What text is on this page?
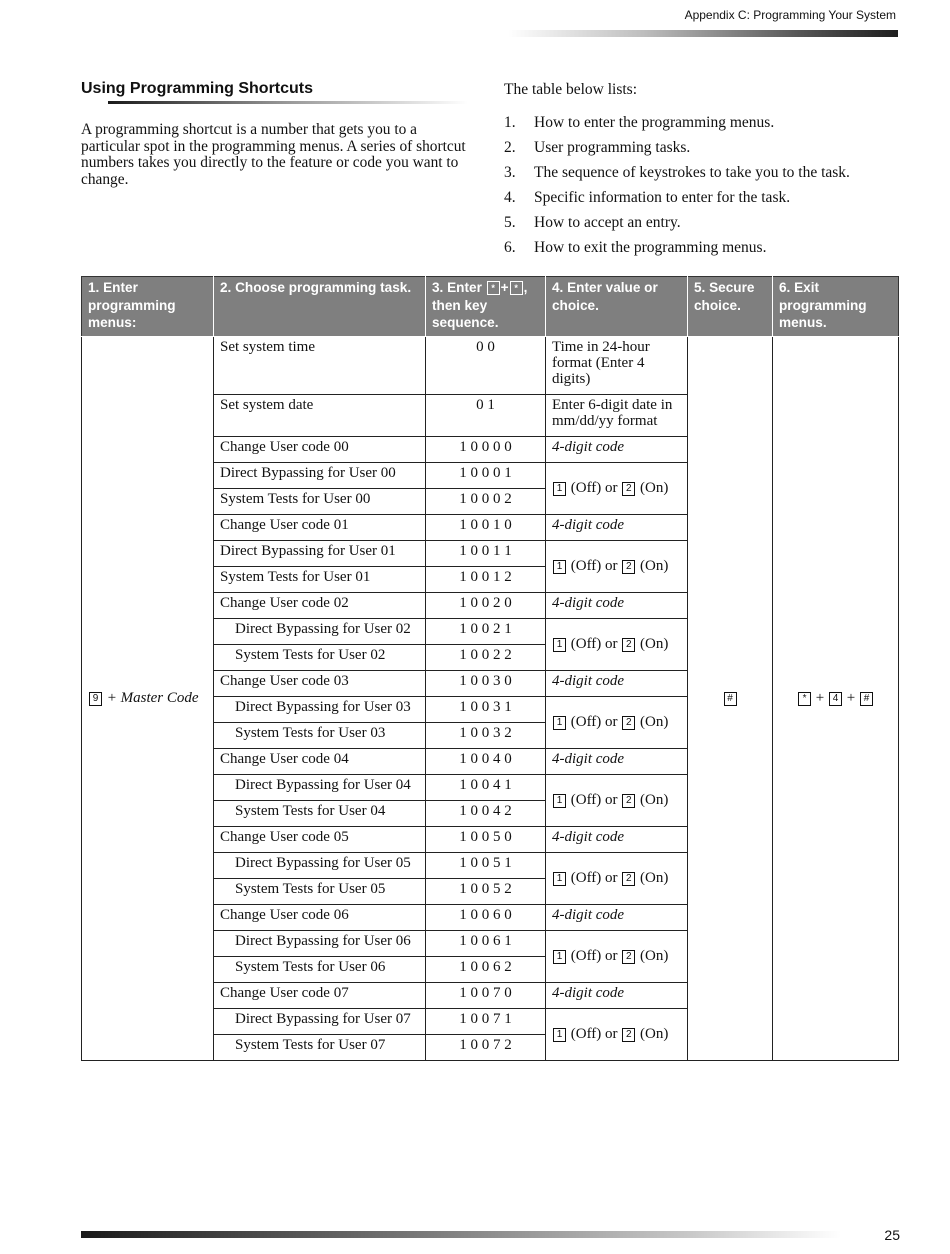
Appendix C: Programming Your System
Using Programming Shortcuts

A programming shortcut is a number that gets you to a particular spot in the programming menus. A series of shortcut numbers takes you directly to the feature or code you want to change.

The table below lists:

1.	How to enter the programming menus.
2.	User programming tasks.
3.	The sequence of keystrokes to take you to the task.
4.	Specific information to enter for the task.
5.	How to accept an entry.
6.	How to exit the programming menus.
1. Enter programming menus:	2. Choose programming task.	3. Enter * + * , then key sequence.	4. Enter value or choice.	5. Secure choice.	6. Exit programming menus.
9 + Master Code	Set system time	0 0	Time in 24-hour format (Enter 4 digits)	#	* + 4 + #
	Set system date	0 1	Enter 6-digit date in mm/dd/yy format		
	Change User code 00	1 0 0 0 0	4-digit code		
	Direct Bypassing for User 00	1 0 0 0 1	1 (Off) or 2 (On)		
	System Tests for User 00	1 0 0 0 2			
	Change User code 01	1 0 0 1 0	4-digit code		
	Direct Bypassing for User 01	1 0 0 1 1	1 (Off) or 2 (On)		
	System Tests for User 01	1 0 0 1 2			
	Change User code 02	1 0 0 2 0	4-digit code		
	Direct Bypassing for User 02	1 0 0 2 1	1 (Off) or 2 (On)		
	System Tests for User 02	1 0 0 2 2			
	Change User code 03	1 0 0 3 0	4-digit code		
	Direct Bypassing for User 03	1 0 0 3 1	1 (Off) or 2 (On)		
	System Tests for User 03	1 0 0 3 2			
	Change User code 04	1 0 0 4 0	4-digit code		
	Direct Bypassing for User 04	1 0 0 4 1	1 (Off) or 2 (On)		
	System Tests for User 04	1 0 0 4 2			
	Change User code 05	1 0 0 5 0	4-digit code		
	Direct Bypassing for User 05	1 0 0 5 1	1 (Off) or 2 (On)		
	System Tests for User 05	1 0 0 5 2			
	Change User code 06	1 0 0 6 0	4-digit code		
	Direct Bypassing for User 06	1 0 0 6 1	1 (Off) or 2 (On)		
	System Tests for User 06	1 0 0 6 2			
	Change User code 07	1 0 0 7 0	4-digit code		
	Direct Bypassing for User 07	1 0 0 7 1	1 (Off) or 2 (On)		
	System Tests for User 07	1 0 0 7 2			
25
